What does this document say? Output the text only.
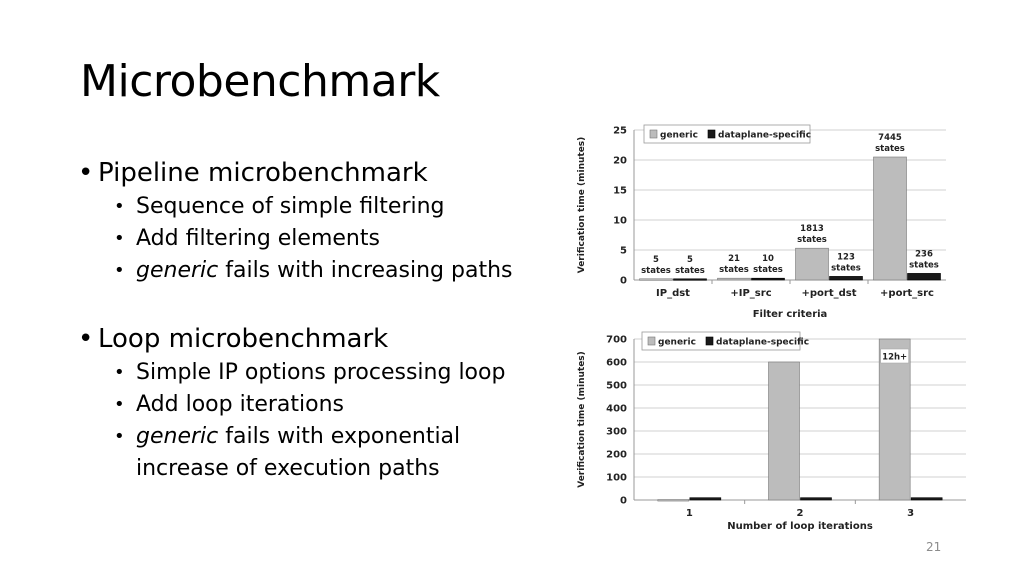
Microbenchmark

• Pipeline microbenchmark

• Sequence of simple filtering

• Add filtering elements

• generic fails with increasing paths

• Loop microbenchmark

• Simple IP options processing loop

• Add loop iterations

• generic fails with exponential increase of execution paths

0
5
10
15
20
25
Verification time (minutes)
IP_dst	+IP_src	+port_dst +port_src
Filter criteria
5
states
21
states
1813
states
7445
states
5
states
10
states
123
states
236
states
generic dataplane-specific
0
100
200
300
400
500
600
700
Verification time (minutes)
1	2	3
Number of loop iterations
12h+
generic dataplane-specific
21
